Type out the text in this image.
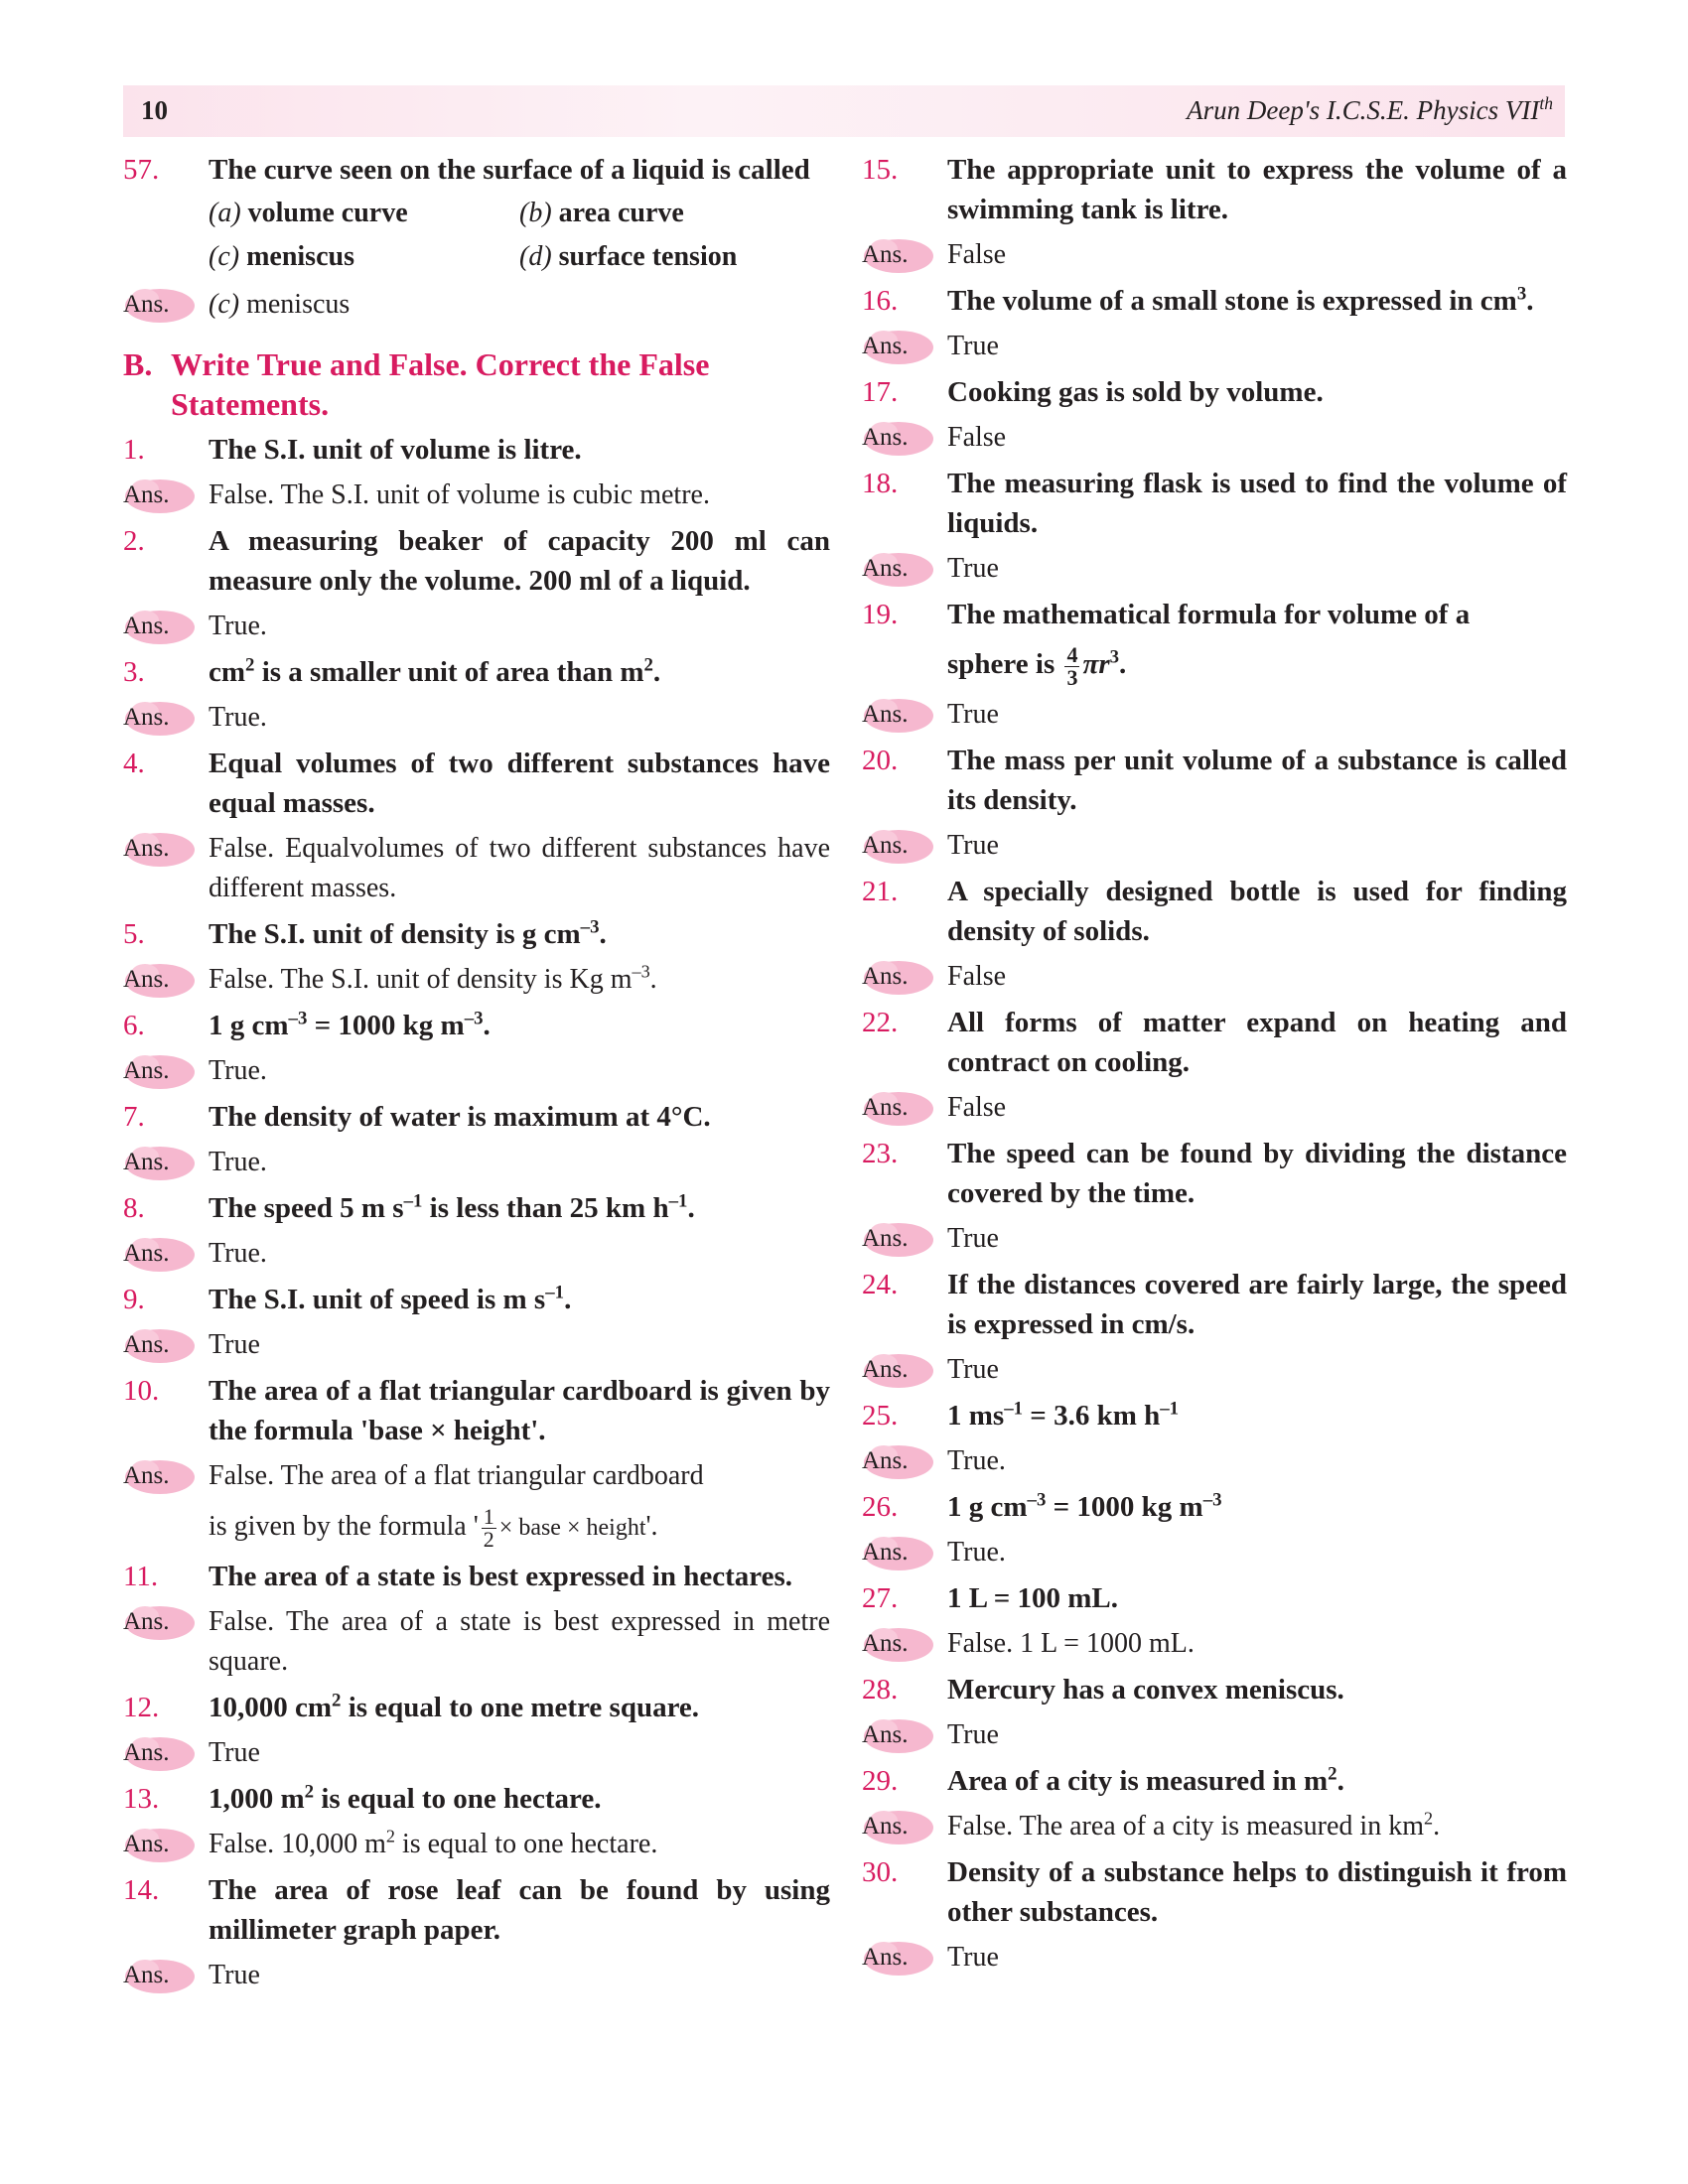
10	Arun Deep's I.C.S.E. Physics VIIth
57.	The curve seen on the surface of a liquid is called
(a) volume curve	(b) area curve
(c) meniscus	(d) surface tension
Ans.	(c) meniscus
B. Write True and False. Correct the False Statements.
1.	The S.I. unit of volume is litre.
Ans.	False. The S.I. unit of volume is cubic metre.
2.	A measuring beaker of capacity 200 ml can measure only the volume. 200 ml of a liquid.
Ans.	True.
3.	$cm^2$ is a smaller unit of area than $m^2$.
Ans.	True.
4.	Equal volumes of two different substances have equal masses.
Ans.	False. Equalvolumes of two different substances have different masses.
5.	The S.I. unit of density is g $cm^{-3}$.
Ans.	False. The S.I. unit of density is Kg $m^{-3}$.
6.	1 g $cm^{-3} = 1000$ kg $m^{-3}$.
Ans.	True.
7.	The density of water is maximum at 4°C.
Ans.	True.
8.	The speed 5 m $s^{-1}$ is less than 25 km $h^{-1}$.
Ans.	True.
9.	The S.I. unit of speed is m $s^{-1}$.
Ans.	True
10.	The area of a flat triangular cardboard is given by the formula 'base × height'.
Ans.	False. The area of a flat triangular cardboard
is given by the formula ' $\frac{1}{2}$ × base × height'.
11.	The area of a state is best expressed in hectares.
Ans.	False. The area of a state is best expressed in metre square.
12.	10,000 $cm^2$ is equal to one metre square.
Ans.	True
13.	1,000 $m^2$ is equal to one hectare.
Ans.	False. 10,000 $m^2$ is equal to one hectare.
14.	The area of rose leaf can be found by using millimeter graph paper.
Ans.	True
15.	The appropriate unit to express the volume of a swimming tank is litre.
Ans.	False
16.	The volume of a small stone is expressed in $cm^3$.
Ans.	True
17.	Cooking gas is sold by volume.
Ans.	False
18.	The measuring flask is used to find the volume of liquids.
Ans.	True
19.	The mathematical formula for volume of a
sphere is $\frac{4}{3} \pi r^3$.
Ans.	True
20.	The mass per unit volume of a substance is called its density.
Ans.	True
21.	A specially designed bottle is used for finding density of solids.
Ans.	False
22.	All forms of matter expand on heating and contract on cooling.
Ans.	False
23.	The speed can be found by dividing the distance covered by the time.
Ans.	True
24.	If the distances covered are fairly large, the speed is expressed in cm/s.
Ans.	True
25.	1 $ms^{-1} = 3.6$ km $h^{-1}$
Ans.	True.
26.	1 g $cm^{-3} = 1000$ kg $m^{-3}$
Ans.	True.
27.	1 L = 100 mL.
Ans.	False. 1 L = 1000 mL.
28.	Mercury has a convex meniscus.
Ans.	True
29.	Area of a city is measured in $m^2$.
Ans.	False. The area of a city is measured in $km^2$.
30.	Density of a substance helps to distinguish it from other substances.
Ans.	True
